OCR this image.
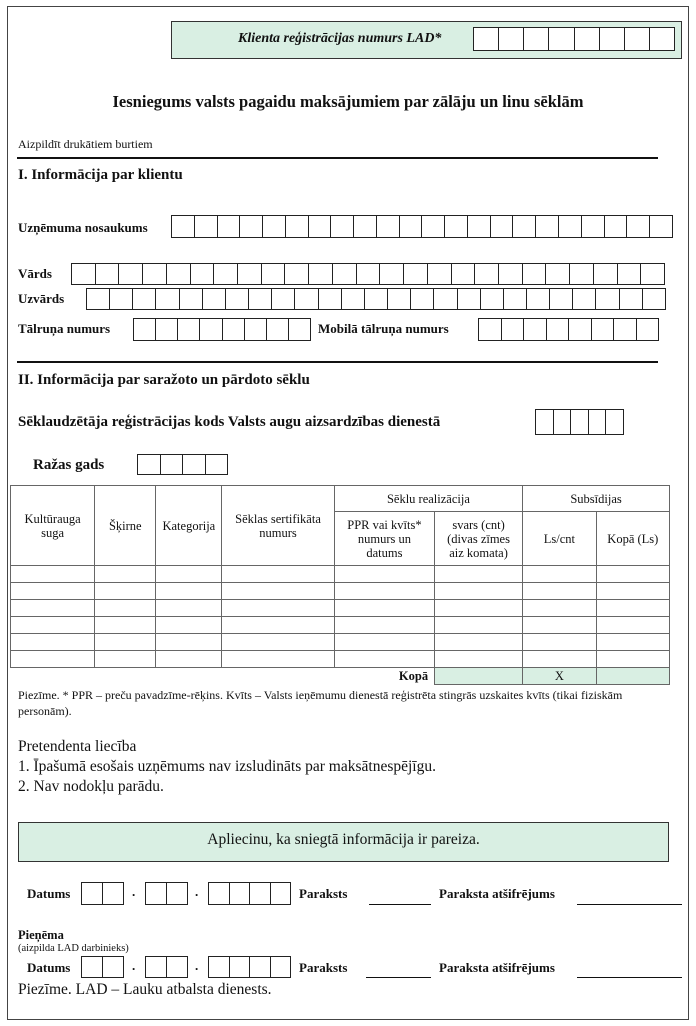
Klienta reģistrācijas numurs LAD*
Iesniegums valsts pagaidu maksājumiem par zālāju un linu sēklām
Aizpildīt drukātiem burtiem
I. Informācija par klientu
Uzņēmuma nosaukums
Vārds
Uzvārds
Tālruņa numurs	Mobilā tālruņa numurs
II. Informācija par saražoto un pārdoto sēklu
Sēklaudzētāja reģistrācijas kods Valsts augu aizsardzības dienestā
Ražas gads
Kultūrauga suga	Šķirne	Kategorija	Sēklas sertifikāta numurs	Sēklu realizācija		Subsīdijas	
				PPR vai kvīts* numurs un datums	svars (cnt) (divas zīmes aiz komata)	Ls/cnt	Kopā (Ls)

Kopā						X	
Piezīme. * PPR – preču pavadzīme-rēķins. Kvīts – Valsts ieņēmumu dienestā reģistrēta stingrās uzskaites kvīts (tikai fiziskām personām).
Pretendenta liecība
1. Īpašumā esošais uzņēmums nav izsludināts par maksātnespējīgu.
2. Nav nodokļu parādu.
Apliecinu, ka sniegtā informācija ir pareiza.
Datums	.	.	Paraksts	Paraksta atšifrējums
Pieņēma
(aizpilda LAD darbinieks)
Datums	.	.	Paraksts	Paraksta atšifrējums
Piezīme. LAD – Lauku atbalsta dienests.
